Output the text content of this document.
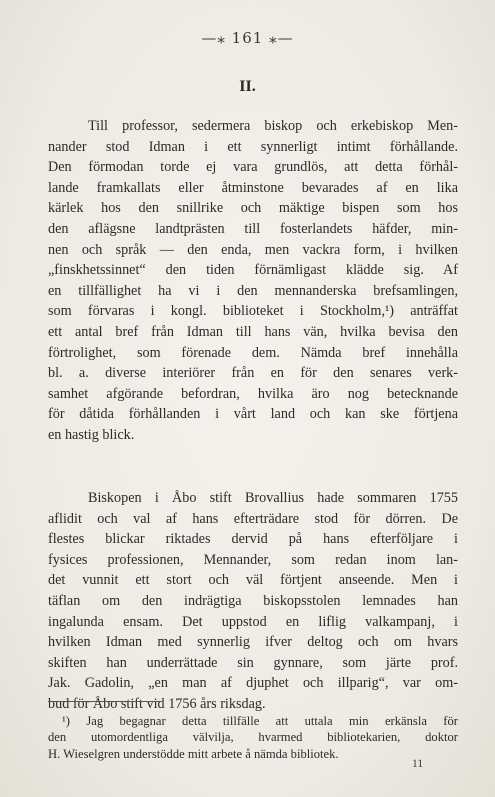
—⁎ 161 ⁎—
II.
Till professor, sedermera biskop och erkebiskop Men-
nander stod Idman i ett synnerligt intimt förhållande.
Den förmodan torde ej vara grundlös, att detta förhål-
lande framkallats eller åtminstone bevarades af en lika
kärlek hos den snillrike och mäktige bispen som hos
den aflägsne landtprästen till fosterlandets häfder, min-
nen och språk — den enda, men vackra form, i hvilken
„finskhetssinnet“ den tiden förnämligast klädde sig. Af
en tillfällighet ha vi i den mennanderska brefsamlingen,
som förvaras i kongl. biblioteket i Stockholm,¹) anträffat
ett antal bref från Idman till hans vän, hvilka bevisa den
förtrolighet, som förenade dem. Nämda bref innehålla
bl. a. diverse interiörer från en för den senares verk-
samhet afgörande befordran, hvilka äro nog betecknande
för dåtida förhållanden i vårt land och kan ske förtjena
en hastig blick.
Biskopen i Åbo stift Brovallius hade sommaren 1755
aflidit och val af hans efterträdare stod för dörren. De
flestes blickar riktades dervid på hans efterföljare i
fysices professionen, Mennander, som redan inom lan-
det vunnit ett stort och väl förtjent anseende. Men i
täflan om den indrägtiga biskopsstolen lemnades han
ingalunda ensam. Det uppstod en liflig valkampanj, i
hvilken Idman med synnerlig ifver deltog och om hvars
skiften han underrättade sin gynnare, som järte prof.
Jak. Gadolin, „en man af djuphet och illparig“, var om-
bud för Åbo stift vid 1756 års riksdag.
¹) Jag begagnar detta tillfälle att uttala min erkänsla för
den utomordentliga välvilja, hvarmed bibliotekarien, doktor
H. Wieselgren understödde mitt arbete å nämda bibliotek.
11
